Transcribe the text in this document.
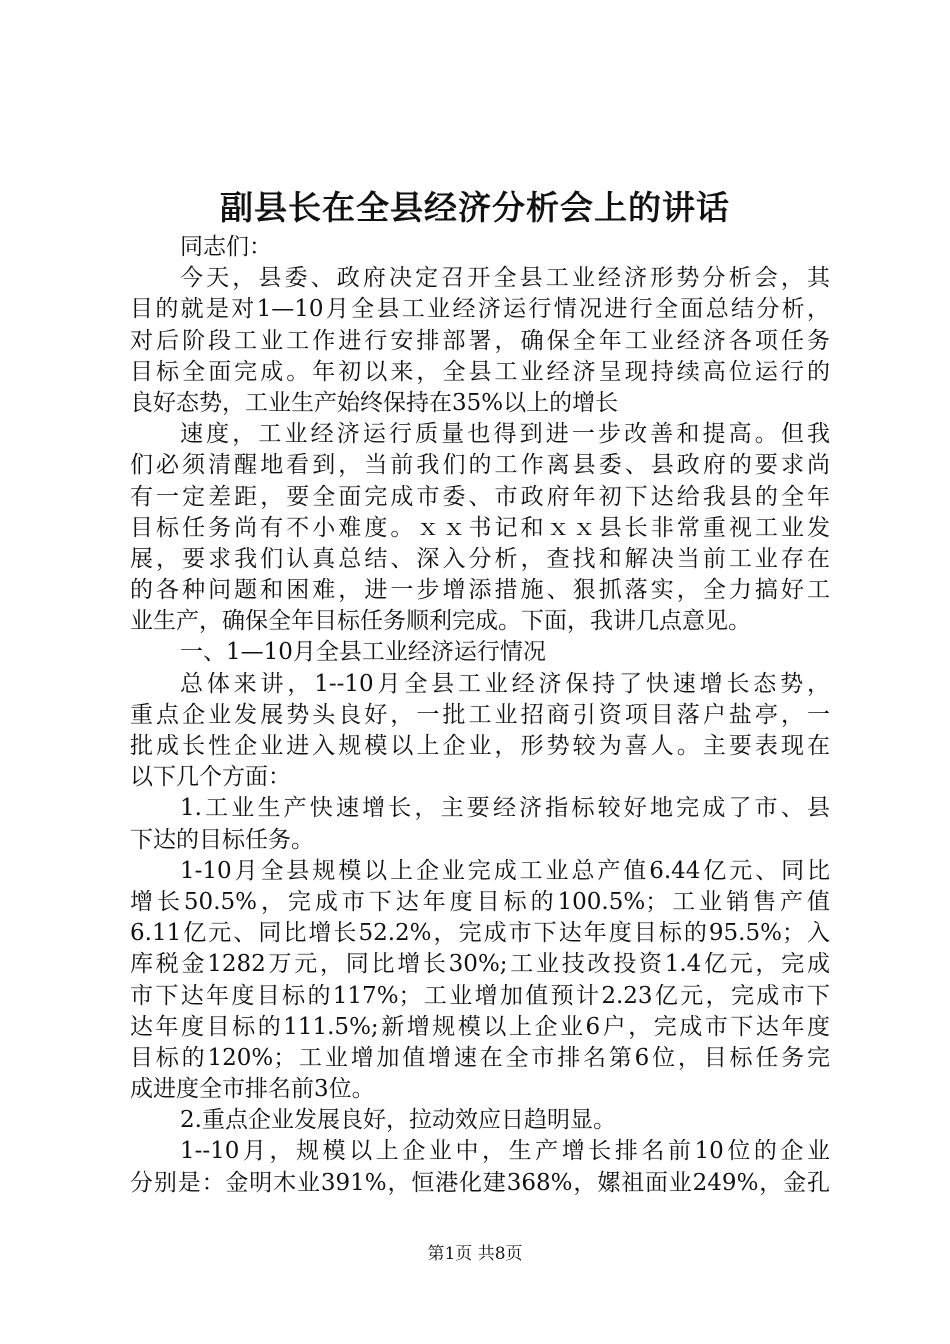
副县长在全县经济分析会上的讲话
同志们：
今天，县委、政府决定召开全县工业经济形势分析会，其
目的就是对1—10月全县工业经济运行情况进行全面总结分析，
对后阶段工业工作进行安排部署，确保全年工业经济各项任务
目标全面完成。年初以来，全县工业经济呈现持续高位运行的
良好态势，工业生产始终保持在35%以上的增长
速度，工业经济运行质量也得到进一步改善和提高。但我
们必须清醒地看到，当前我们的工作离县委、县政府的要求尚
有一定差距，要全面完成市委、市政府年初下达给我县的全年
目标任务尚有不小难度。ｘｘ书记和ｘｘ县长非常重视工业发
展，要求我们认真总结、深入分析，查找和解决当前工业存在
的各种问题和困难，进一步增添措施、狠抓落实，全力搞好工
业生产，确保全年目标任务顺利完成。下面，我讲几点意见。
一、1—10月全县工业经济运行情况
总体来讲，1--10月全县工业经济保持了快速增长态势，
重点企业发展势头良好，一批工业招商引资项目落户盐亭，一
批成长性企业进入规模以上企业，形势较为喜人。主要表现在
以下几个方面：
1.工业生产快速增长，主要经济指标较好地完成了市、县
下达的目标任务。
1-10月全县规模以上企业完成工业总产值6.44亿元、同比
增长50.5%，完成市下达年度目标的100.5%；工业销售产值
6.11亿元、同比增长52.2%，完成市下达年度目标的95.5%；入
库税金1282万元，同比增长30%;工业技改投资1.4亿元，完成
市下达年度目标的117%；工业增加值预计2.23亿元，完成市下
达年度目标的111.5%;新增规模以上企业6户，完成市下达年度
目标的120%；工业增加值增速在全市排名第6位，目标任务完
成进度全市排名前3位。
2.重点企业发展良好，拉动效应日趋明显。
1--10月，规模以上企业中，生产增长排名前10位的企业
分别是：金明木业391%，恒港化建368%，嫘祖面业249%，金孔
第1页 共8页
